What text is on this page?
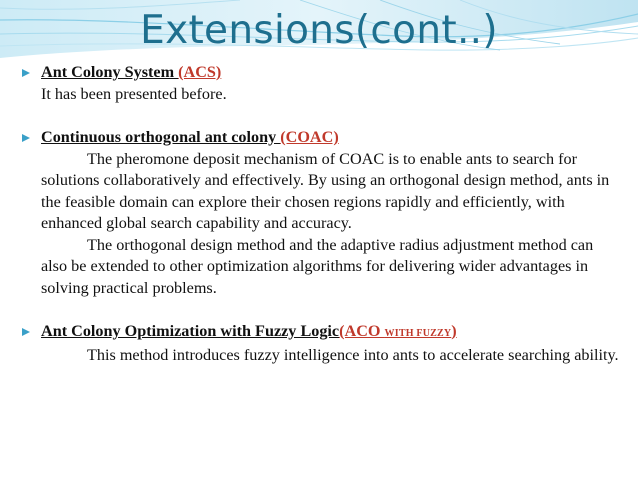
Extensions(cont..)
Ant Colony System (ACS)
It has been presented before.
Continuous orthogonal ant colony (COAC)
The pheromone deposit mechanism of COAC is to enable ants to search for solutions collaboratively and effectively. By using an orthogonal design method, ants in the feasible domain can explore their chosen regions rapidly and efficiently, with enhanced global search capability and accuracy.
The orthogonal design method and the adaptive radius adjustment method can also be extended to other optimization algorithms for delivering wider advantages in solving practical problems.
Ant Colony Optimization with Fuzzy Logic(ACO WITH FUZZY)
This method introduces fuzzy intelligence into ants to accelerate searching ability.
